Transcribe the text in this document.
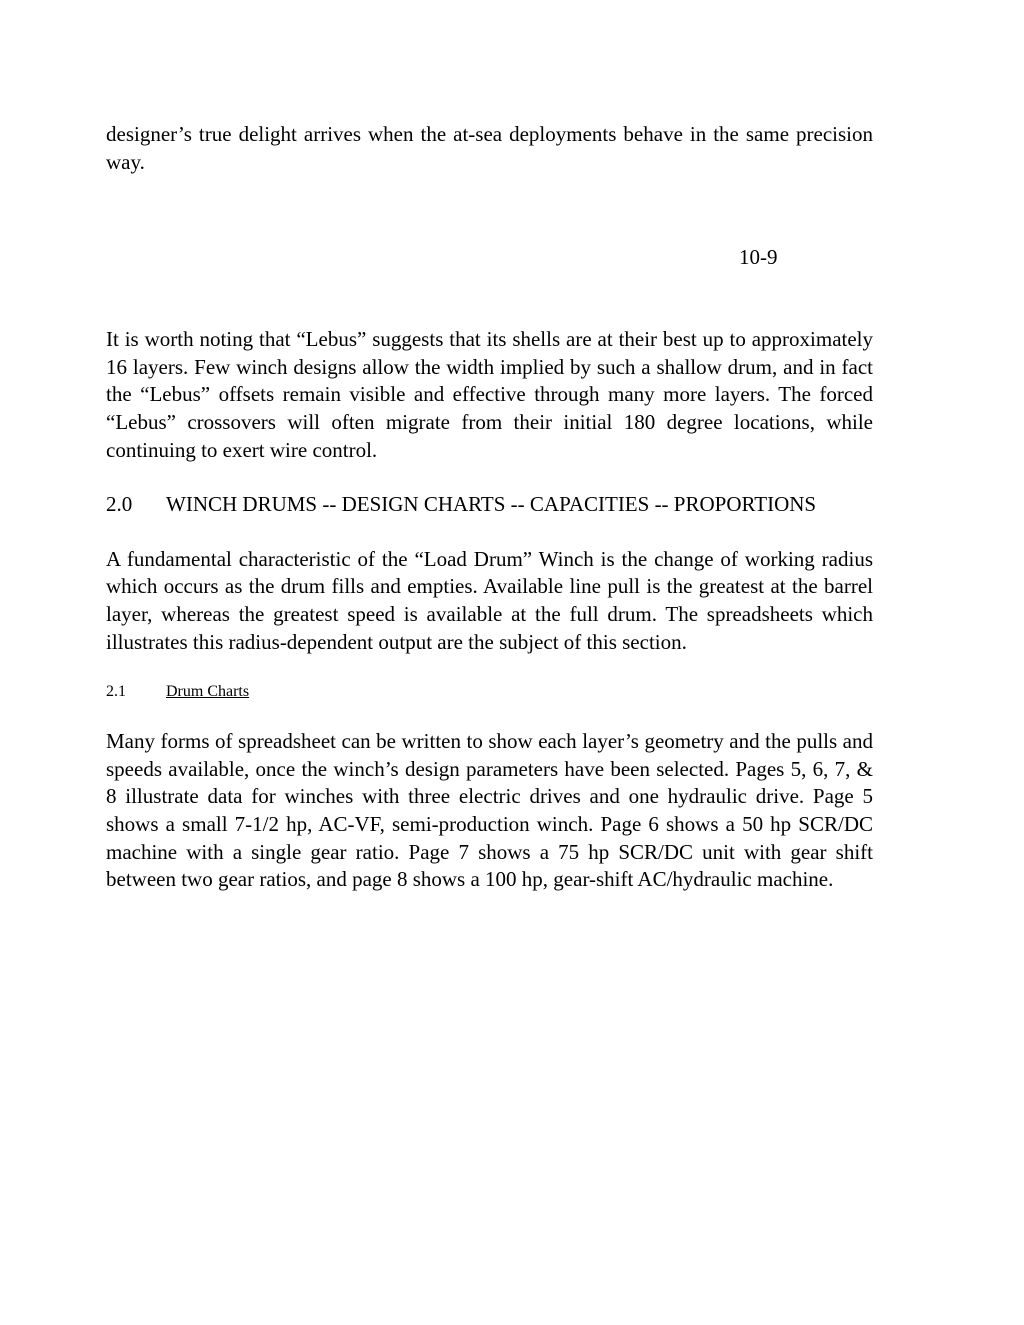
designer’s true delight arrives when the at-sea deployments behave in the same precision way.

10-9

It is worth noting that “Lebus” suggests that its shells are at their best up to approximately 16 layers. Few winch designs allow the width implied by such a shallow drum, and in fact the “Lebus” offsets remain visible and effective through many more layers. The forced “Lebus” crossovers will often migrate from their initial 180 degree locations, while continuing to exert wire control.

2.0 WINCH DRUMS -- DESIGN CHARTS -- CAPACITIES -- PROPORTIONS

A fundamental characteristic of the “Load Drum” Winch is the change of working radius which occurs as the drum fills and empties. Available line pull is the greatest at the barrel layer, whereas the greatest speed is available at the full drum. The spreadsheets which illustrates this radius-dependent output are the subject of this section.

2.1	Drum Charts

Many forms of spreadsheet can be written to show each layer’s geometry and the pulls and speeds available, once the winch’s design parameters have been selected. Pages 5, 6, 7, & 8 illustrate data for winches with three electric drives and one hydraulic drive. Page 5 shows a small 7-1/2 hp, AC-VF, semi-production winch. Page 6 shows a 50 hp SCR/DC machine with a single gear ratio. Page 7 shows a 75 hp SCR/DC unit with gear shift between two gear ratios, and page 8 shows a 100 hp, gear-shift AC/hydraulic machine.
